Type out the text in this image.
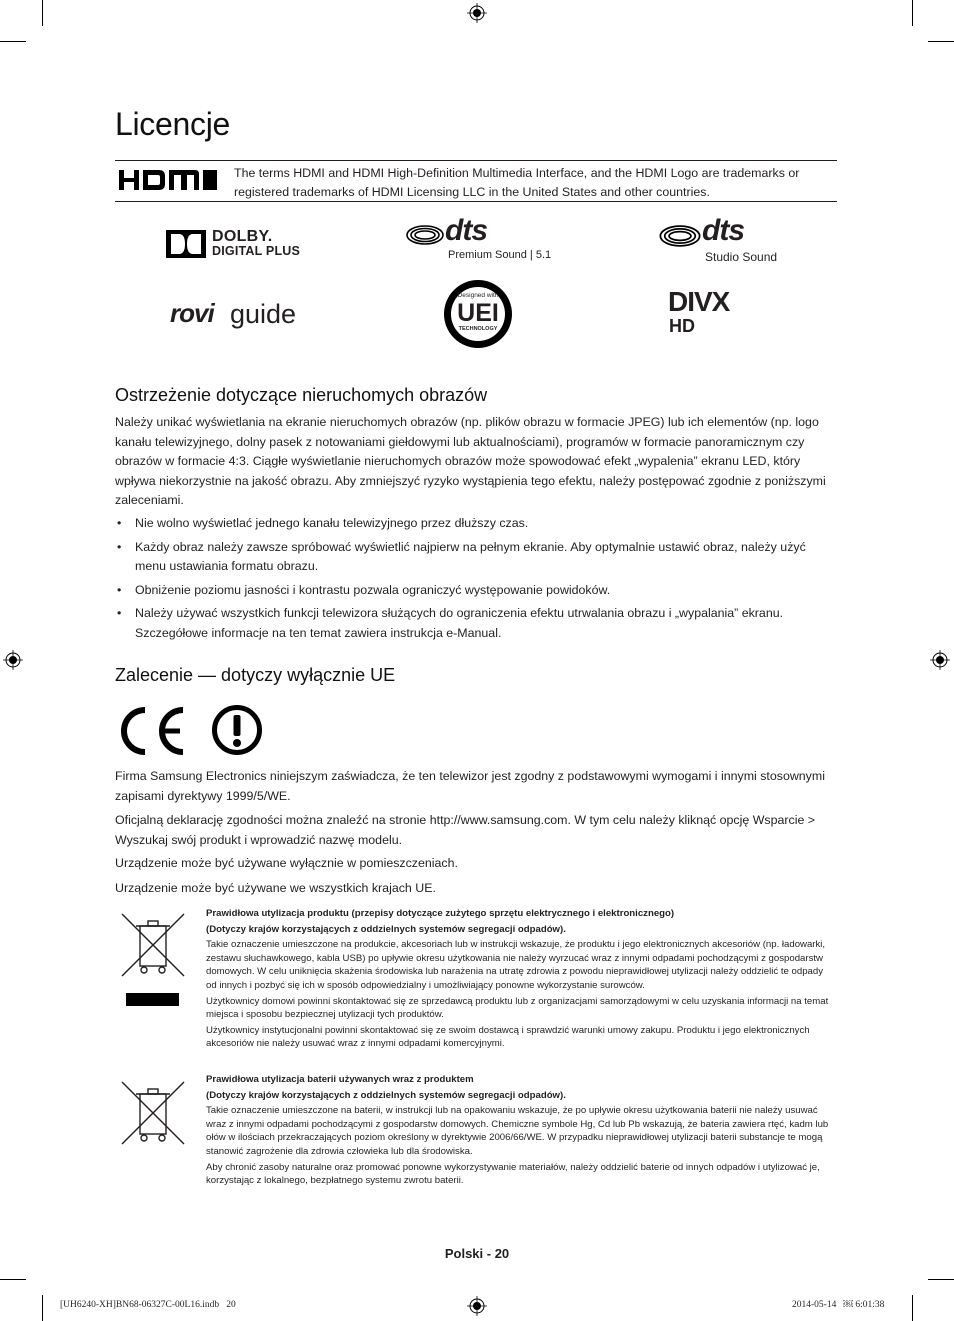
Licencje
The terms HDMI and HDMI High-Definition Multimedia Interface, and the HDMI Logo are trademarks or registered trademarks of HDMI Licensing LLC in the United States and other countries.
DOLBY.
DIGITAL PLUS
dts
Premium Sound | 5.1
dts
Studio Sound
rovi guide
Designed with
UEI
TECHNOLOGY
DIVX
HD
Ostrzeżenie dotyczące nieruchomych obrazów
Należy unikać wyświetlania na ekranie nieruchomych obrazów (np. plików obrazu w formacie JPEG) lub ich elementów (np. logo kanału telewizyjnego, dolny pasek z notowaniami giełdowymi lub aktualnościami), programów w formacie panoramicznym czy obrazów w formacie 4:3. Ciągłe wyświetlanie nieruchomych obrazów może spowodować efekt „wypalenia” ekranu LED, który wpływa niekorzystnie na jakość obrazu. Aby zmniejszyć ryzyko wystąpienia tego efektu, należy postępować zgodnie z poniższymi zaleceniami.
• Nie wolno wyświetlać jednego kanału telewizyjnego przez dłuższy czas.
• Każdy obraz należy zawsze spróbować wyświetlić najpierw na pełnym ekranie. Aby optymalnie ustawić obraz, należy użyć menu ustawiania formatu obrazu.
• Obniżenie poziomu jasności i kontrastu pozwala ograniczyć występowanie powidoków.
• Należy używać wszystkich funkcji telewizora służących do ograniczenia efektu utrwalania obrazu i „wypalania” ekranu. Szczegółowe informacje na ten temat zawiera instrukcja e-Manual.
Zalecenie — dotyczy wyłącznie UE
Firma Samsung Electronics niniejszym zaświadcza, że ten telewizor jest zgodny z podstawowymi wymogami i innymi stosownymi zapisami dyrektywy 1999/5/WE.
Oficjalną deklarację zgodności można znaleźć na stronie http://www.samsung.com. W tym celu należy kliknąć opcję Wsparcie > Wyszukaj swój produkt i wprowadzić nazwę modelu.
Urządzenie może być używane wyłącznie w pomieszczeniach.
Urządzenie może być używane we wszystkich krajach UE.

Prawidłowa utylizacja produktu (przepisy dotyczące zużytego sprzętu elektrycznego i elektronicznego)

(Dotyczy krajów korzystających z oddzielnych systemów segregacji odpadów).

Takie oznaczenie umieszczone na produkcie, akcesoriach lub w instrukcji wskazuje, że produktu i jego elektronicznych akcesoriów (np. ładowarki, zestawu słuchawkowego, kabla USB) po upływie okresu użytkowania nie należy wyrzucać wraz z innymi odpadami pochodzącymi z gospodarstw domowych. W celu uniknięcia skażenia środowiska lub narażenia na utratę zdrowia z powodu nieprawidłowej utylizacji należy oddzielić te odpady od innych i pozbyć się ich w sposób odpowiedzialny i umożliwiający ponowne wykorzystanie surowców.

Użytkownicy domowi powinni skontaktować się ze sprzedawcą produktu lub z organizacjami samorządowymi w celu uzyskania informacji na temat miejsca i sposobu bezpiecznej utylizacji tych produktów.

Użytkownicy instytucjonalni powinni skontaktować się ze swoim dostawcą i sprawdzić warunki umowy zakupu. Produktu i jego elektronicznych akcesoriów nie należy usuwać wraz z innymi odpadami komercyjnymi.

Prawidłowa utylizacja baterii używanych wraz z produktem

(Dotyczy krajów korzystających z oddzielnych systemów segregacji odpadów).

Takie oznaczenie umieszczone na baterii, w instrukcji lub na opakowaniu wskazuje, że po upływie okresu użytkowania baterii nie należy usuwać wraz z innymi odpadami pochodzącymi z gospodarstw domowych. Chemiczne symbole Hg, Cd lub Pb wskazują, że bateria zawiera rtęć, kadm lub ołów w ilościach przekraczających poziom określony w dyrektywie 2006/66/WE. W przypadku nieprawidłowej utylizacji baterii substancje te mogą stanowić zagrożenie dla zdrowia człowieka lub dla środowiska.

Aby chronić zasoby naturalne oraz promować ponowne wykorzystywanie materiałów, należy oddzielić baterie od innych odpadów i utylizować je, korzystając z lokalnego, bezpłatnego systemu zwrotu baterii.

Polski - 20
[UH6240-XH]BN68-06327C-00L16.indb   20	2014-05-14   ￼ 6:01:38
